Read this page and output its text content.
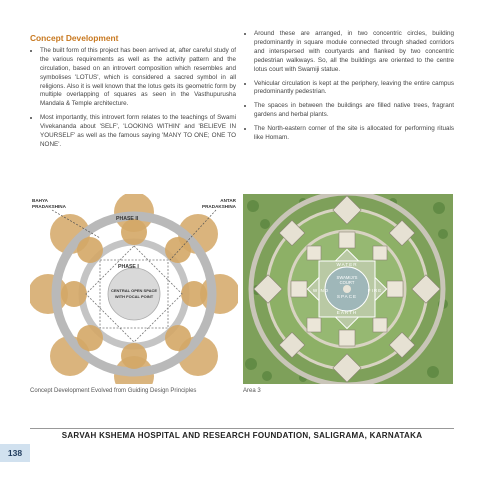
Concept Development
• The built form of this project has been arrived at, after careful study of the various requirements as well as the activity pattern and the circulation, based on an introvert composition which resembles and symbolises 'LOTUS', which is considered a sacred symbol in all religions. Also it is well known that the lotus gets its geometric form by multiple overlapping of squares as seen in the Vasthupurusha Mandala & Temple architecture.
• Most importantly, this introvert form relates to the teachings of Swami Vivekananda about 'SELF', 'LOOKING WITHIN' and 'BELIEVE IN YOURSELF' as well as the famous saying 'MANY TO ONE; ONE TO NONE'.
• Around these are arranged, in two concentric circles, building predominantly in square module connected through shaded corridors and interspersed with courtyards and flanked by two concentric pedestrian walkways. So, all the buildings are oriented to the centre lotus court with Swamiji statue.
• Vehicular circulation is kept at the periphery, leaving the entire campus predominantly pedestrian.
• The spaces in between the buildings are filled native trees, fragrant gardens and herbal plants.
• The North-eastern corner of the site is allocated for performing rituals like Homam.
BAHYA
PRADAKSHINA
ANTAR
PRADAKSHINA
PHASE II
PHASE I
CENTRAL OPEN SPACE
WITH FOCAL POINT
WATER
SWAMIJI'S
COURT
WIND	FIRE
SPACE
EARTH
Concept Development Evolved from Guiding Design Principles	Area 3
SARVAH KSHEMA HOSPITAL AND RESEARCH FOUNDATION, SALIGRAMA, KARNATAKA
138
